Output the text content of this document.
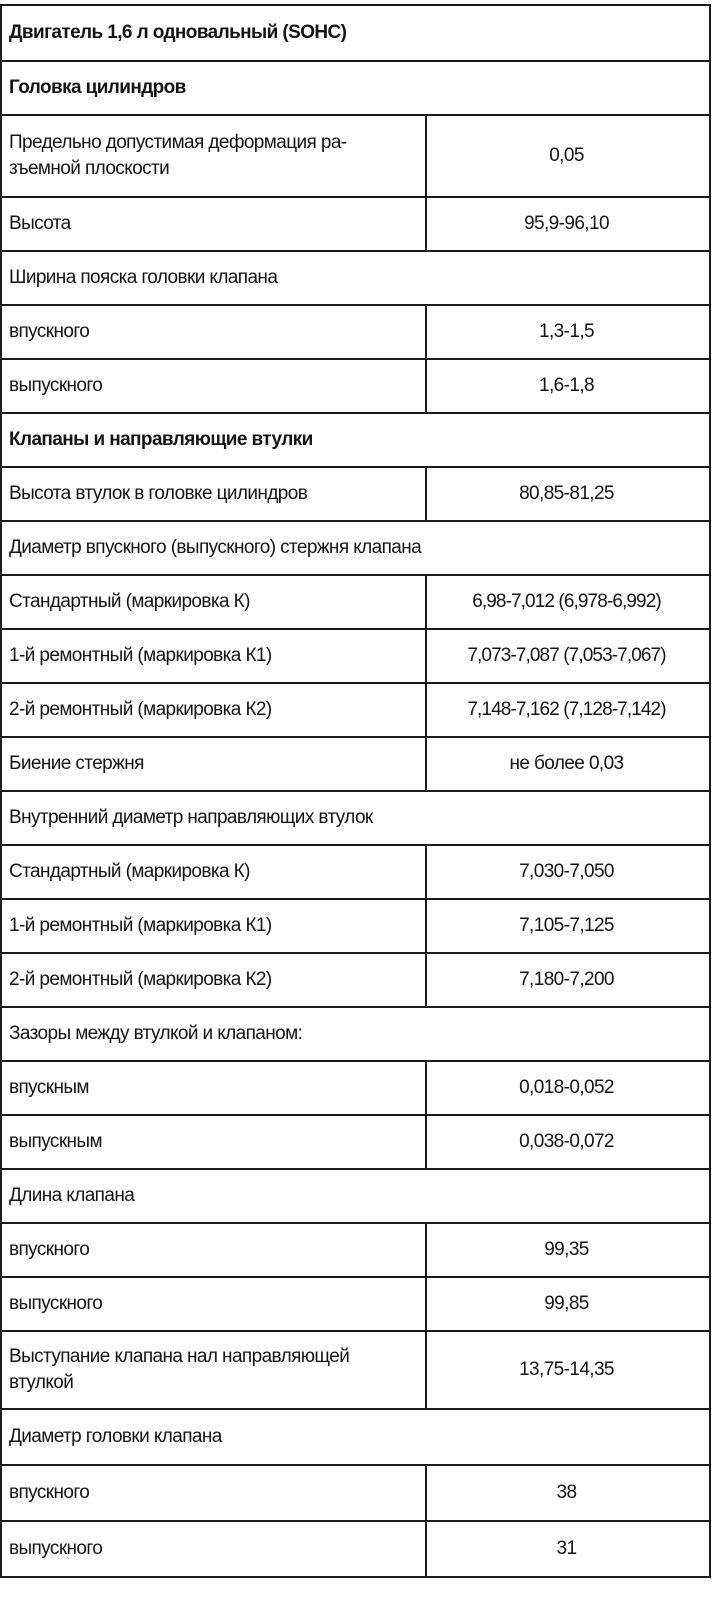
Двигатель 1,6 л одновальный (SOHC)	
Головка цилиндров	
Предельно допустимая деформация ра-зъемной плоскости	0,05
Высота	95,9-96,10
Ширина пояска головки клапана	
впускного	1,3-1,5
выпускного	1,6-1,8
Клапаны и направляющие втулки	
Высота втулок в головке цилиндров	80,85-81,25
Диаметр впускного (выпускного) стержня клапана	
Стандартный (маркировка К)	6,98-7,012 (6,978-6,992)
1-й ремонтный (маркировка К1)	7,073-7,087 (7,053-7,067)
2-й ремонтный (маркировка К2)	7,148-7,162 (7,128-7,142)
Биение стержня	не более 0,03
Внутренний диаметр направляющих втулок	
Стандартный (маркировка К)	7,030-7,050
1-й ремонтный (маркировка К1)	7,105-7,125
2-й ремонтный (маркировка К2)	7,180-7,200
Зазоры между втулкой и клапаном:	
впускным	0,018-0,052
выпускным	0,038-0,072
Длина клапана	
впускного	99,35
выпускного	99,85
Выступание клапана нал направляющей втулкой	13,75-14,35
Диаметр головки клапана	
впускного	38
выпускного	31
